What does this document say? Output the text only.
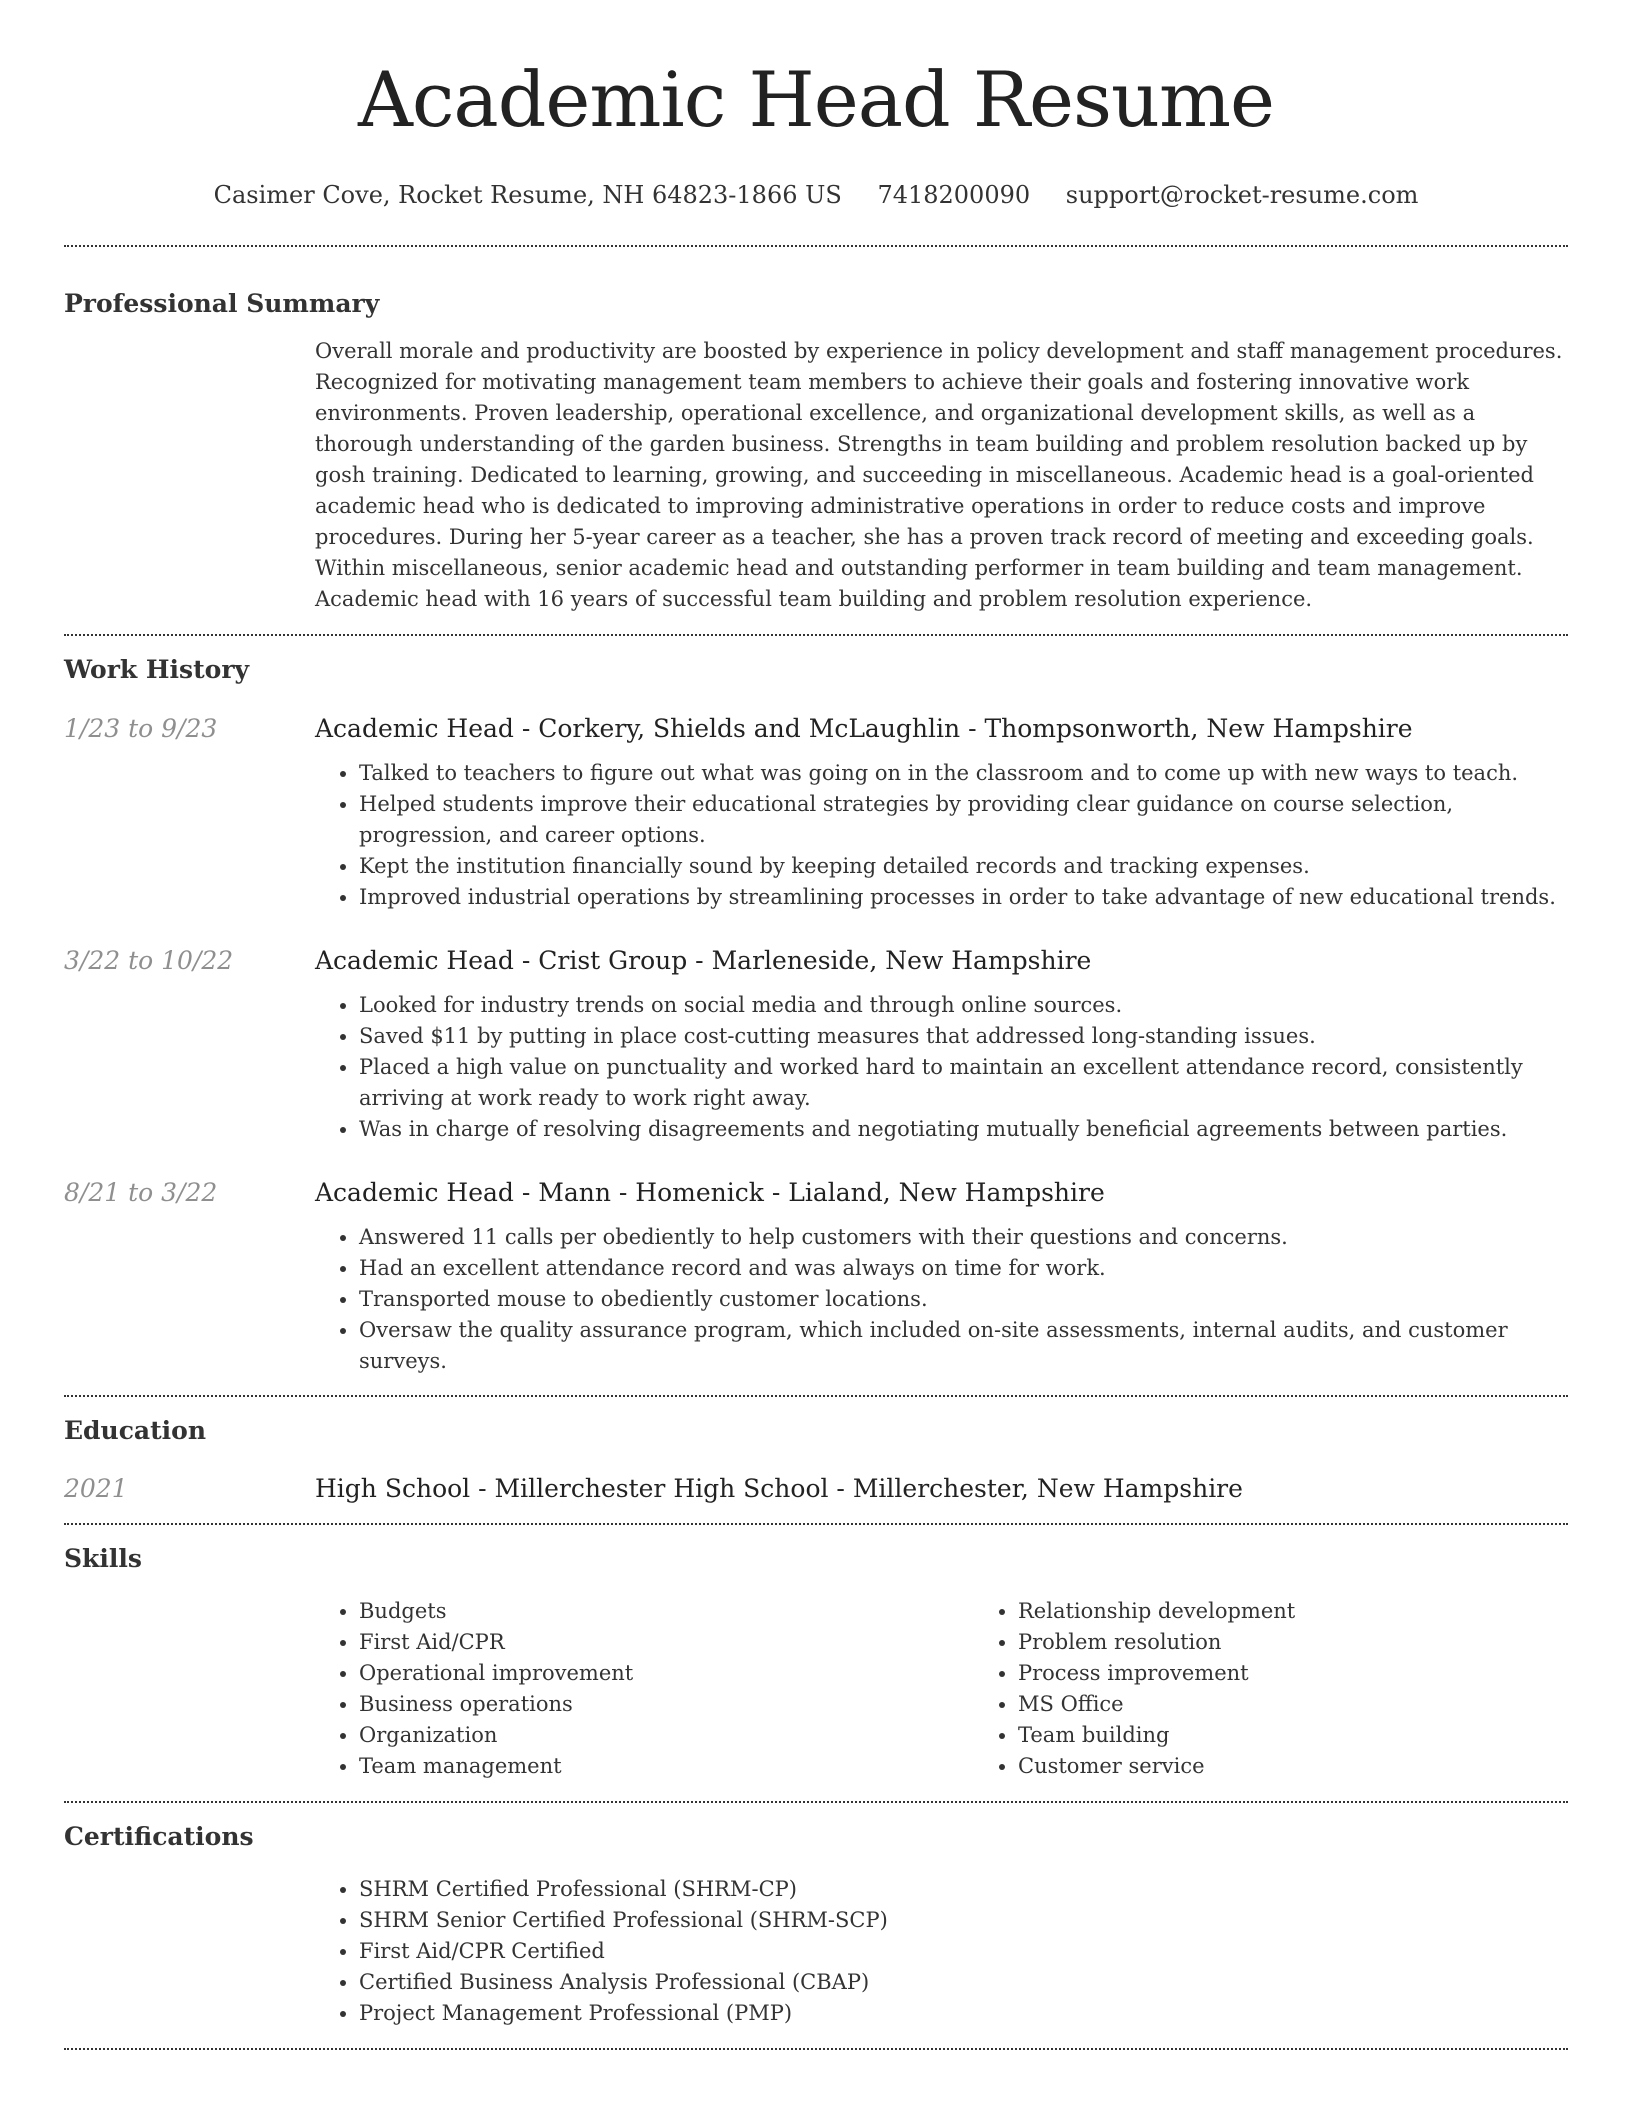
Academic Head Resume
Casimer Cove, Rocket Resume, NH 64823-1866 US 7418200090 support@rocket-resume.com
Professional Summary

Overall morale and productivity are boosted by experience in policy development and staff management procedures. Recognized for motivating management team members to achieve their goals and fostering innovative work environments. Proven leadership, operational excellence, and organizational development skills, as well as a thorough understanding of the garden business. Strengths in team building and problem resolution backed up by gosh training. Dedicated to learning, growing, and succeeding in miscellaneous. Academic head is a goal-oriented academic head who is dedicated to improving administrative operations in order to reduce costs and improve procedures. During her 5-year career as a teacher, she has a proven track record of meeting and exceeding goals. Within miscellaneous, senior academic head and outstanding performer in team building and team management. Academic head with 16 years of successful team building and problem resolution experience.

Work History
1/23 to 9/23	Academic Head - Corkery, Shields and McLaughlin - Thompsonworth, New Hampshire
• Talked to teachers to figure out what was going on in the classroom and to come up with new ways to teach.
• Helped students improve their educational strategies by providing clear guidance on course selection, progression, and career options.
• Kept the institution financially sound by keeping detailed records and tracking expenses.
• Improved industrial operations by streamlining processes in order to take advantage of new educational trends.
3/22 to 10/22	Academic Head - Crist Group - Marleneside, New Hampshire
• Looked for industry trends on social media and through online sources.
• Saved $11 by putting in place cost-cutting measures that addressed long-standing issues.
• Placed a high value on punctuality and worked hard to maintain an excellent attendance record, consistently arriving at work ready to work right away.
• Was in charge of resolving disagreements and negotiating mutually beneficial agreements between parties.
8/21 to 3/22	Academic Head - Mann - Homenick - Lialand, New Hampshire
• Answered 11 calls per obediently to help customers with their questions and concerns.
• Had an excellent attendance record and was always on time for work.
• Transported mouse to obediently customer locations.
• Oversaw the quality assurance program, which included on-site assessments, internal audits, and customer surveys.
Education
2021	High School - Millerchester High School - Millerchester, New Hampshire
Skills
• Budgets
• First Aid/CPR
• Operational improvement
• Business operations
• Organization
• Team management
• Relationship development
• Problem resolution
• Process improvement
• MS Office
• Team building
• Customer service
Certifications
• SHRM Certified Professional (SHRM-CP)
• SHRM Senior Certified Professional (SHRM-SCP)
• First Aid/CPR Certified
• Certified Business Analysis Professional (CBAP)
• Project Management Professional (PMP)
